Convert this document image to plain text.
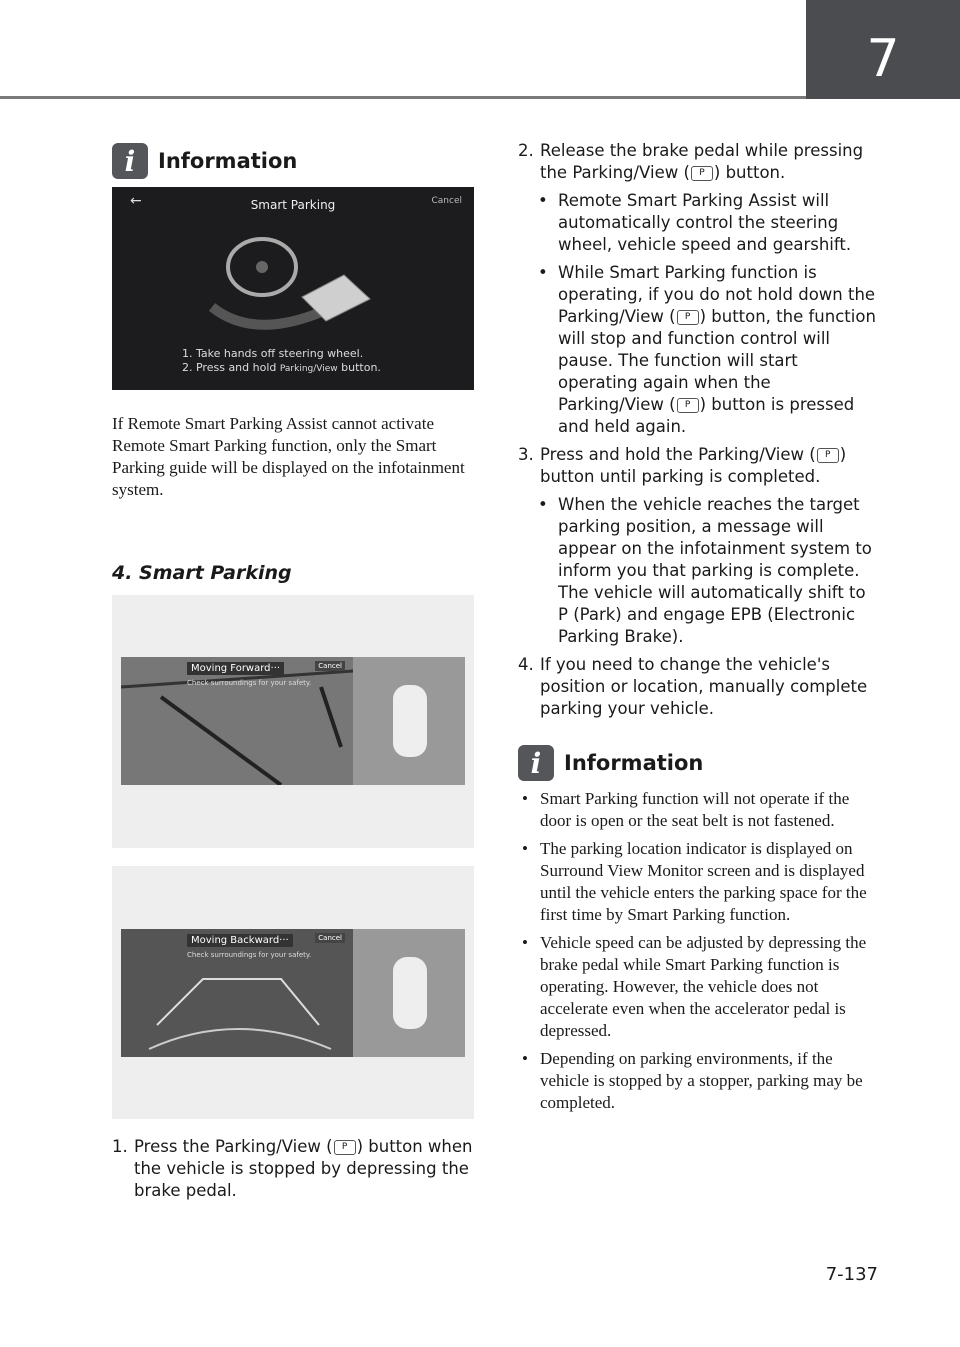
7
i	Information
←	Smart Parking	Cancel
1. Take hands off steering wheel.
2. Press and hold Parking/View button.
If Remote Smart Parking Assist cannot activate Remote Smart Parking function, only the Smart Parking guide will be displayed on the infotainment system.
4. Smart Parking
Moving Forward···
Check surroundings for your safety.
Cancel
Moving Backward···
Check surroundings for your safety.
Cancel
1. Press the Parking/View ( P ) button when the vehicle is stopped by depressing the brake pedal.
2. Release the brake pedal while pressing the Parking/View ( P ) button.
• Remote Smart Parking Assist will automatically control the steering wheel, vehicle speed and gearshift.
• While Smart Parking function is operating, if you do not hold down the Parking/View ( P ) button, the function will stop and function control will pause. The function will start operating again when the Parking/View ( P ) button is pressed and held again.
3. Press and hold the Parking/View ( P ) button until parking is completed.
• When the vehicle reaches the target parking position, a message will appear on the infotainment system to inform you that parking is complete. The vehicle will automatically shift to P (Park) and engage EPB (Electronic Parking Brake).
4. If you need to change the vehicle's position or location, manually complete parking your vehicle.
i	Information
• Smart Parking function will not operate if the door is open or the seat belt is not fastened.
• The parking location indicator is displayed on Surround View Monitor screen and is displayed until the vehicle enters the parking space for the first time by Smart Parking function.
• Vehicle speed can be adjusted by depressing the brake pedal while Smart Parking function is operating. However, the vehicle does not accelerate even when the accelerator pedal is depressed.
• Depending on parking environments, if the vehicle is stopped by a stopper, parking may be completed.
7-137
